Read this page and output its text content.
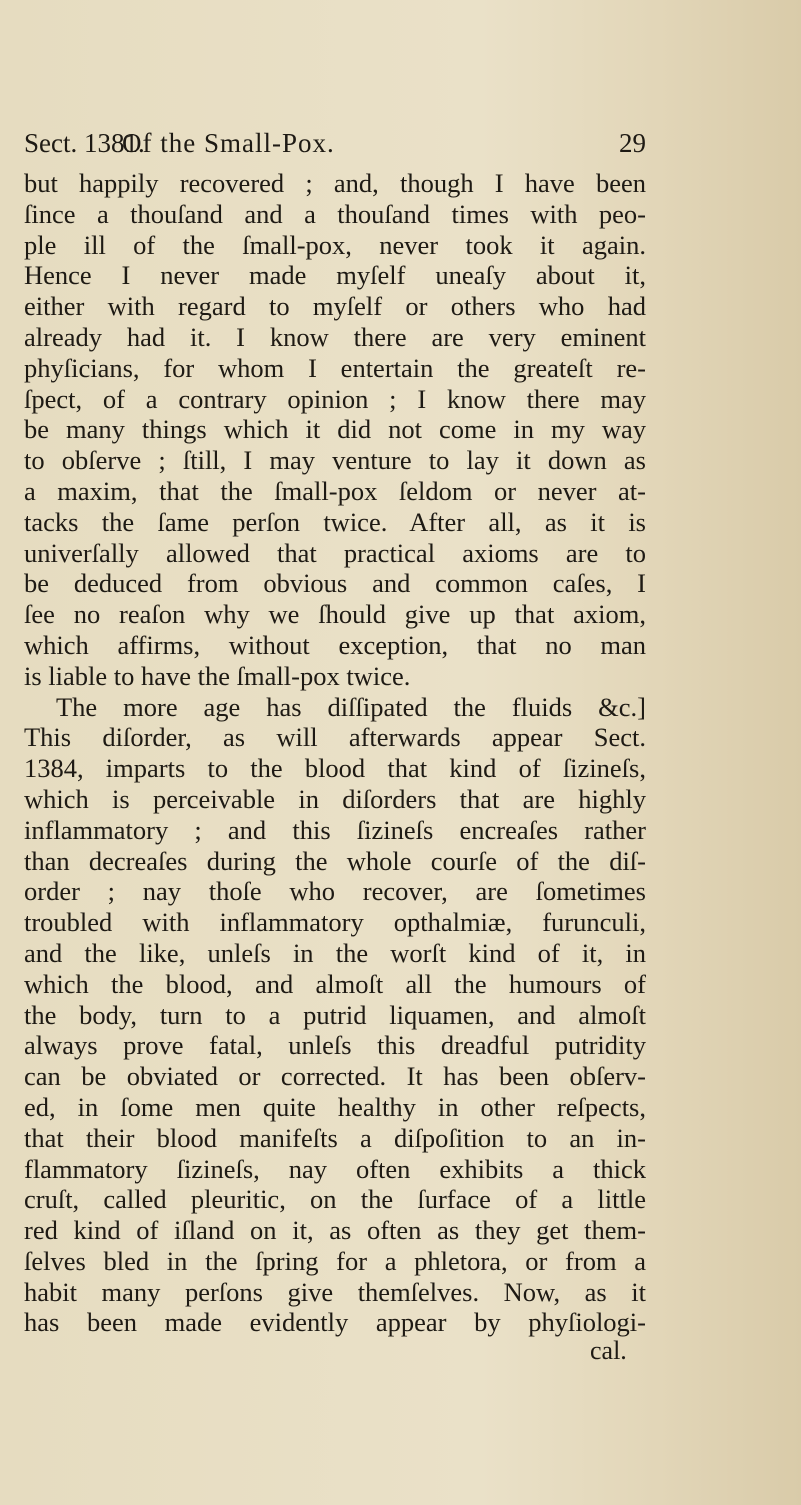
Sect. 1381.
Of the Small-Pox.	29
but happily recovered ; and, though I have been
ſince a thouſand and a thouſand times with peo-
ple ill of the ſmall-pox, never took it again.
Hence I never made myſelf uneaſy about it,
either with regard to myſelf or others who had
already had it. I know there are very eminent
phyſicians, for whom I entertain the greateſt re-
ſpect, of a contrary opinion ; I know there may
be many things which it did not come in my way
to obſerve ; ſtill, I may venture to lay it down as
a maxim, that the ſmall-pox ſeldom or never at-
tacks the ſame perſon twice. After all, as it is
univerſally allowed that practical axioms are to
be deduced from obvious and common caſes, I
ſee no reaſon why we ſhould give up that axiom,
which affirms, without exception, that no man
is liable to have the ſmall-pox twice.
The more age has diſſipated the fluids &c.]
This diſorder, as will afterwards appear Sect.
1384, imparts to the blood that kind of ſizineſs,
which is perceivable in diſorders that are highly
inflammatory ; and this ſizineſs encreaſes rather
than decreaſes during the whole courſe of the diſ-
order ; nay thoſe who recover, are ſometimes
troubled with inflammatory opthalmiæ, furunculi,
and the like, unleſs in the worſt kind of it, in
which the blood, and almoſt all the humours of
the body, turn to a putrid liquamen, and almoſt
always prove fatal, unleſs this dreadful putridity
can be obviated or corrected. It has been obſerv-
ed, in ſome men quite healthy in other reſpects,
that their blood manifeſts a diſpoſition to an in-
flammatory ſizineſs, nay often exhibits a thick
cruſt, called pleuritic, on the ſurface of a little
red kind of iſland on it, as often as they get them-
ſelves bled in the ſpring for a phletora, or from a
habit many perſons give themſelves. Now, as it
has been made evidently appear by phyſiologi-
cal.
